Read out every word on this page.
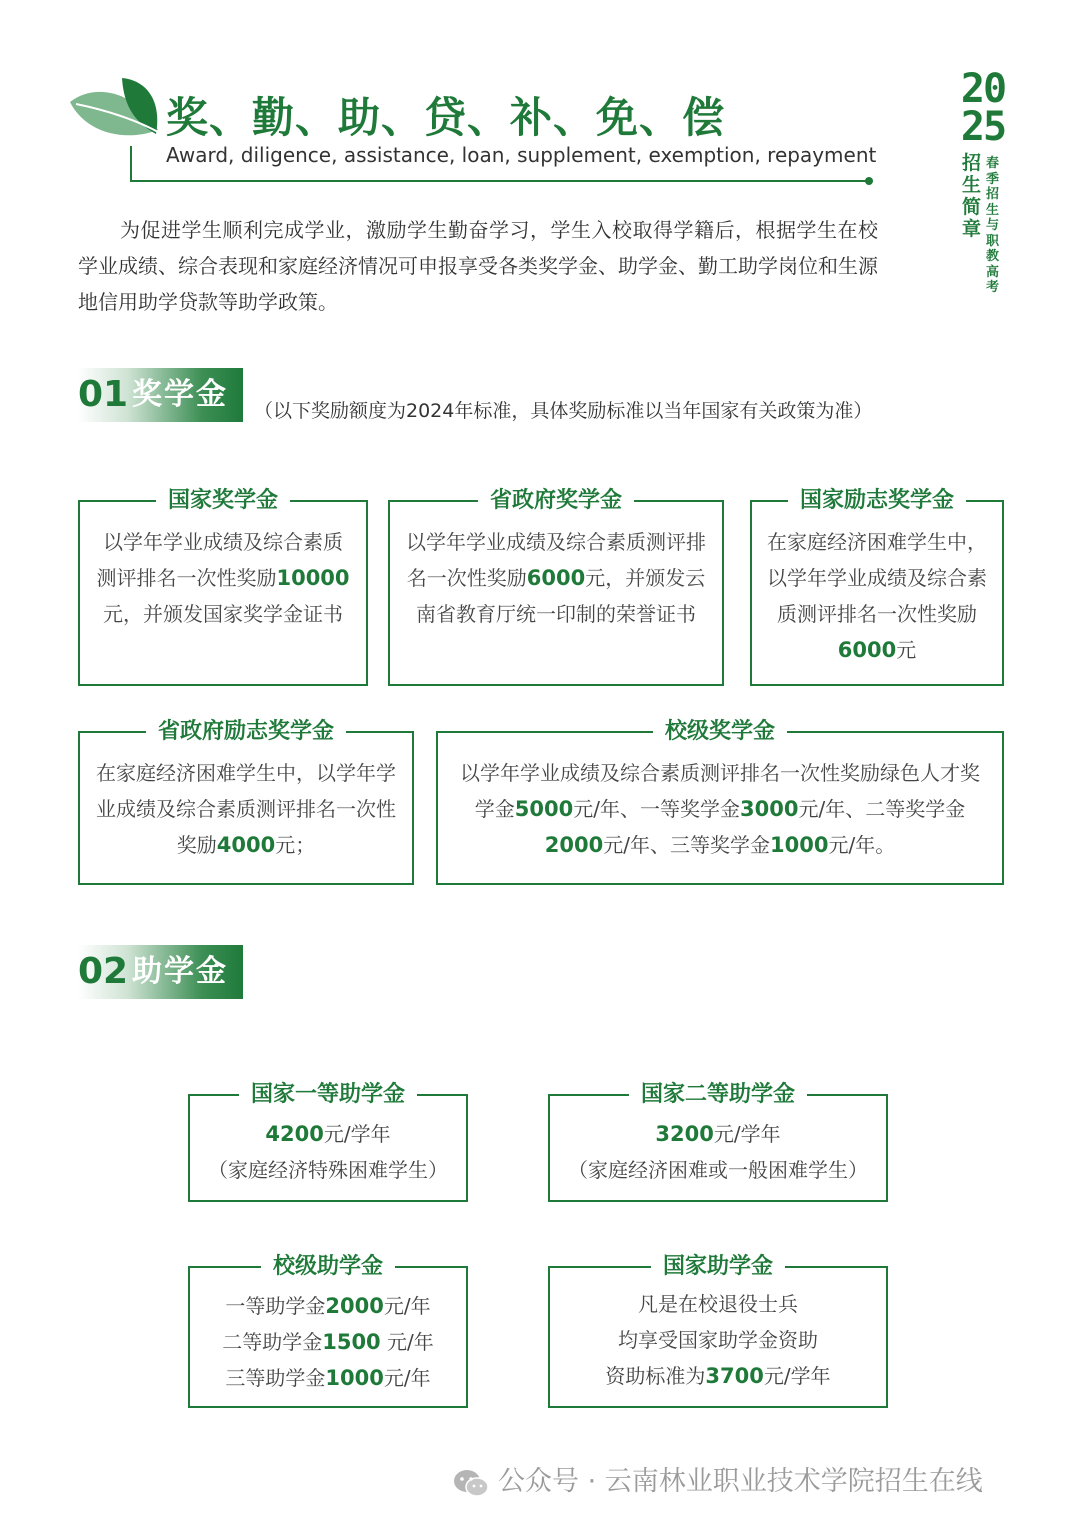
奖、勤、助、贷、补、免、偿
Award, diligence, assistance, loan, supplement, exemption, repayment
20
25
招生简章
春季招生与职教高考
为促进学生顺利完成学业，激励学生勤奋学习，学生入校取得学籍后，根据学生在校学业成绩、综合表现和家庭经济情况可申报享受各类奖学金、助学金、勤工助学岗位和生源地信用助学贷款等助学政策。
01 奖学金 （以下奖励额度为2024年标准，具体奖励标准以当年国家有关政策为准）
国家奖学金
以学年学业成绩及综合素质测评排名一次性奖励10000元，并颁发国家奖学金证书
省政府奖学金
以学年学业成绩及综合素质测评排名一次性奖励6000元，并颁发云南省教育厅统一印制的荣誉证书
国家励志奖学金
在家庭经济困难学生中，以学年学业成绩及综合素质测评排名一次性奖励6000元
省政府励志奖学金
在家庭经济困难学生中，以学年学业成绩及综合素质测评排名一次性奖励4000元；
校级奖学金
以学年学业成绩及综合素质测评排名一次性奖励绿色人才奖学金5000元/年、一等奖学金3000元/年、二等奖学金2000元/年、三等奖学金1000元/年。
02 助学金
国家一等助学金
4200元/学年
（家庭经济特殊困难学生）
国家二等助学金
3200元/学年
（家庭经济困难或一般困难学生）
校级助学金
一等助学金2000元/年
二等助学金1500 元/年
三等助学金1000元/年
国家助学金
凡是在校退役士兵
均享受国家助学金资助
资助标准为3700元/学年
公众号 · 云南林业职业技术学院招生在线
